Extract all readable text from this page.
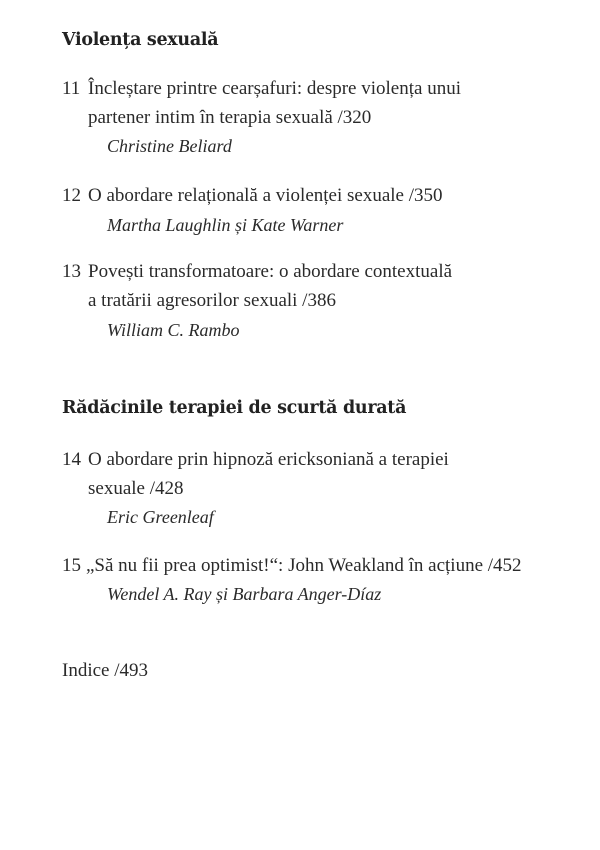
Violența sexuală
11 Încleștare printre cearșafuri: despre violența unui
partener intim în terapia sexuală /320
Christine Beliard
12 O abordare relațională a violenței sexuale /350
Martha Laughlin și Kate Warner
13 Povești transformatoare: o abordare contextuală
a tratării agresorilor sexuali /386
William C. Rambo
Rădăcinile terapiei de scurtă durată
14 O abordare prin hipnoză ericksoniană a terapiei
sexuale /428
Eric Greenleaf
15 „Să nu fii prea optimist!“: John Weakland în acțiune /452
Wendel A. Ray și Barbara Anger-Díaz
Indice /493
